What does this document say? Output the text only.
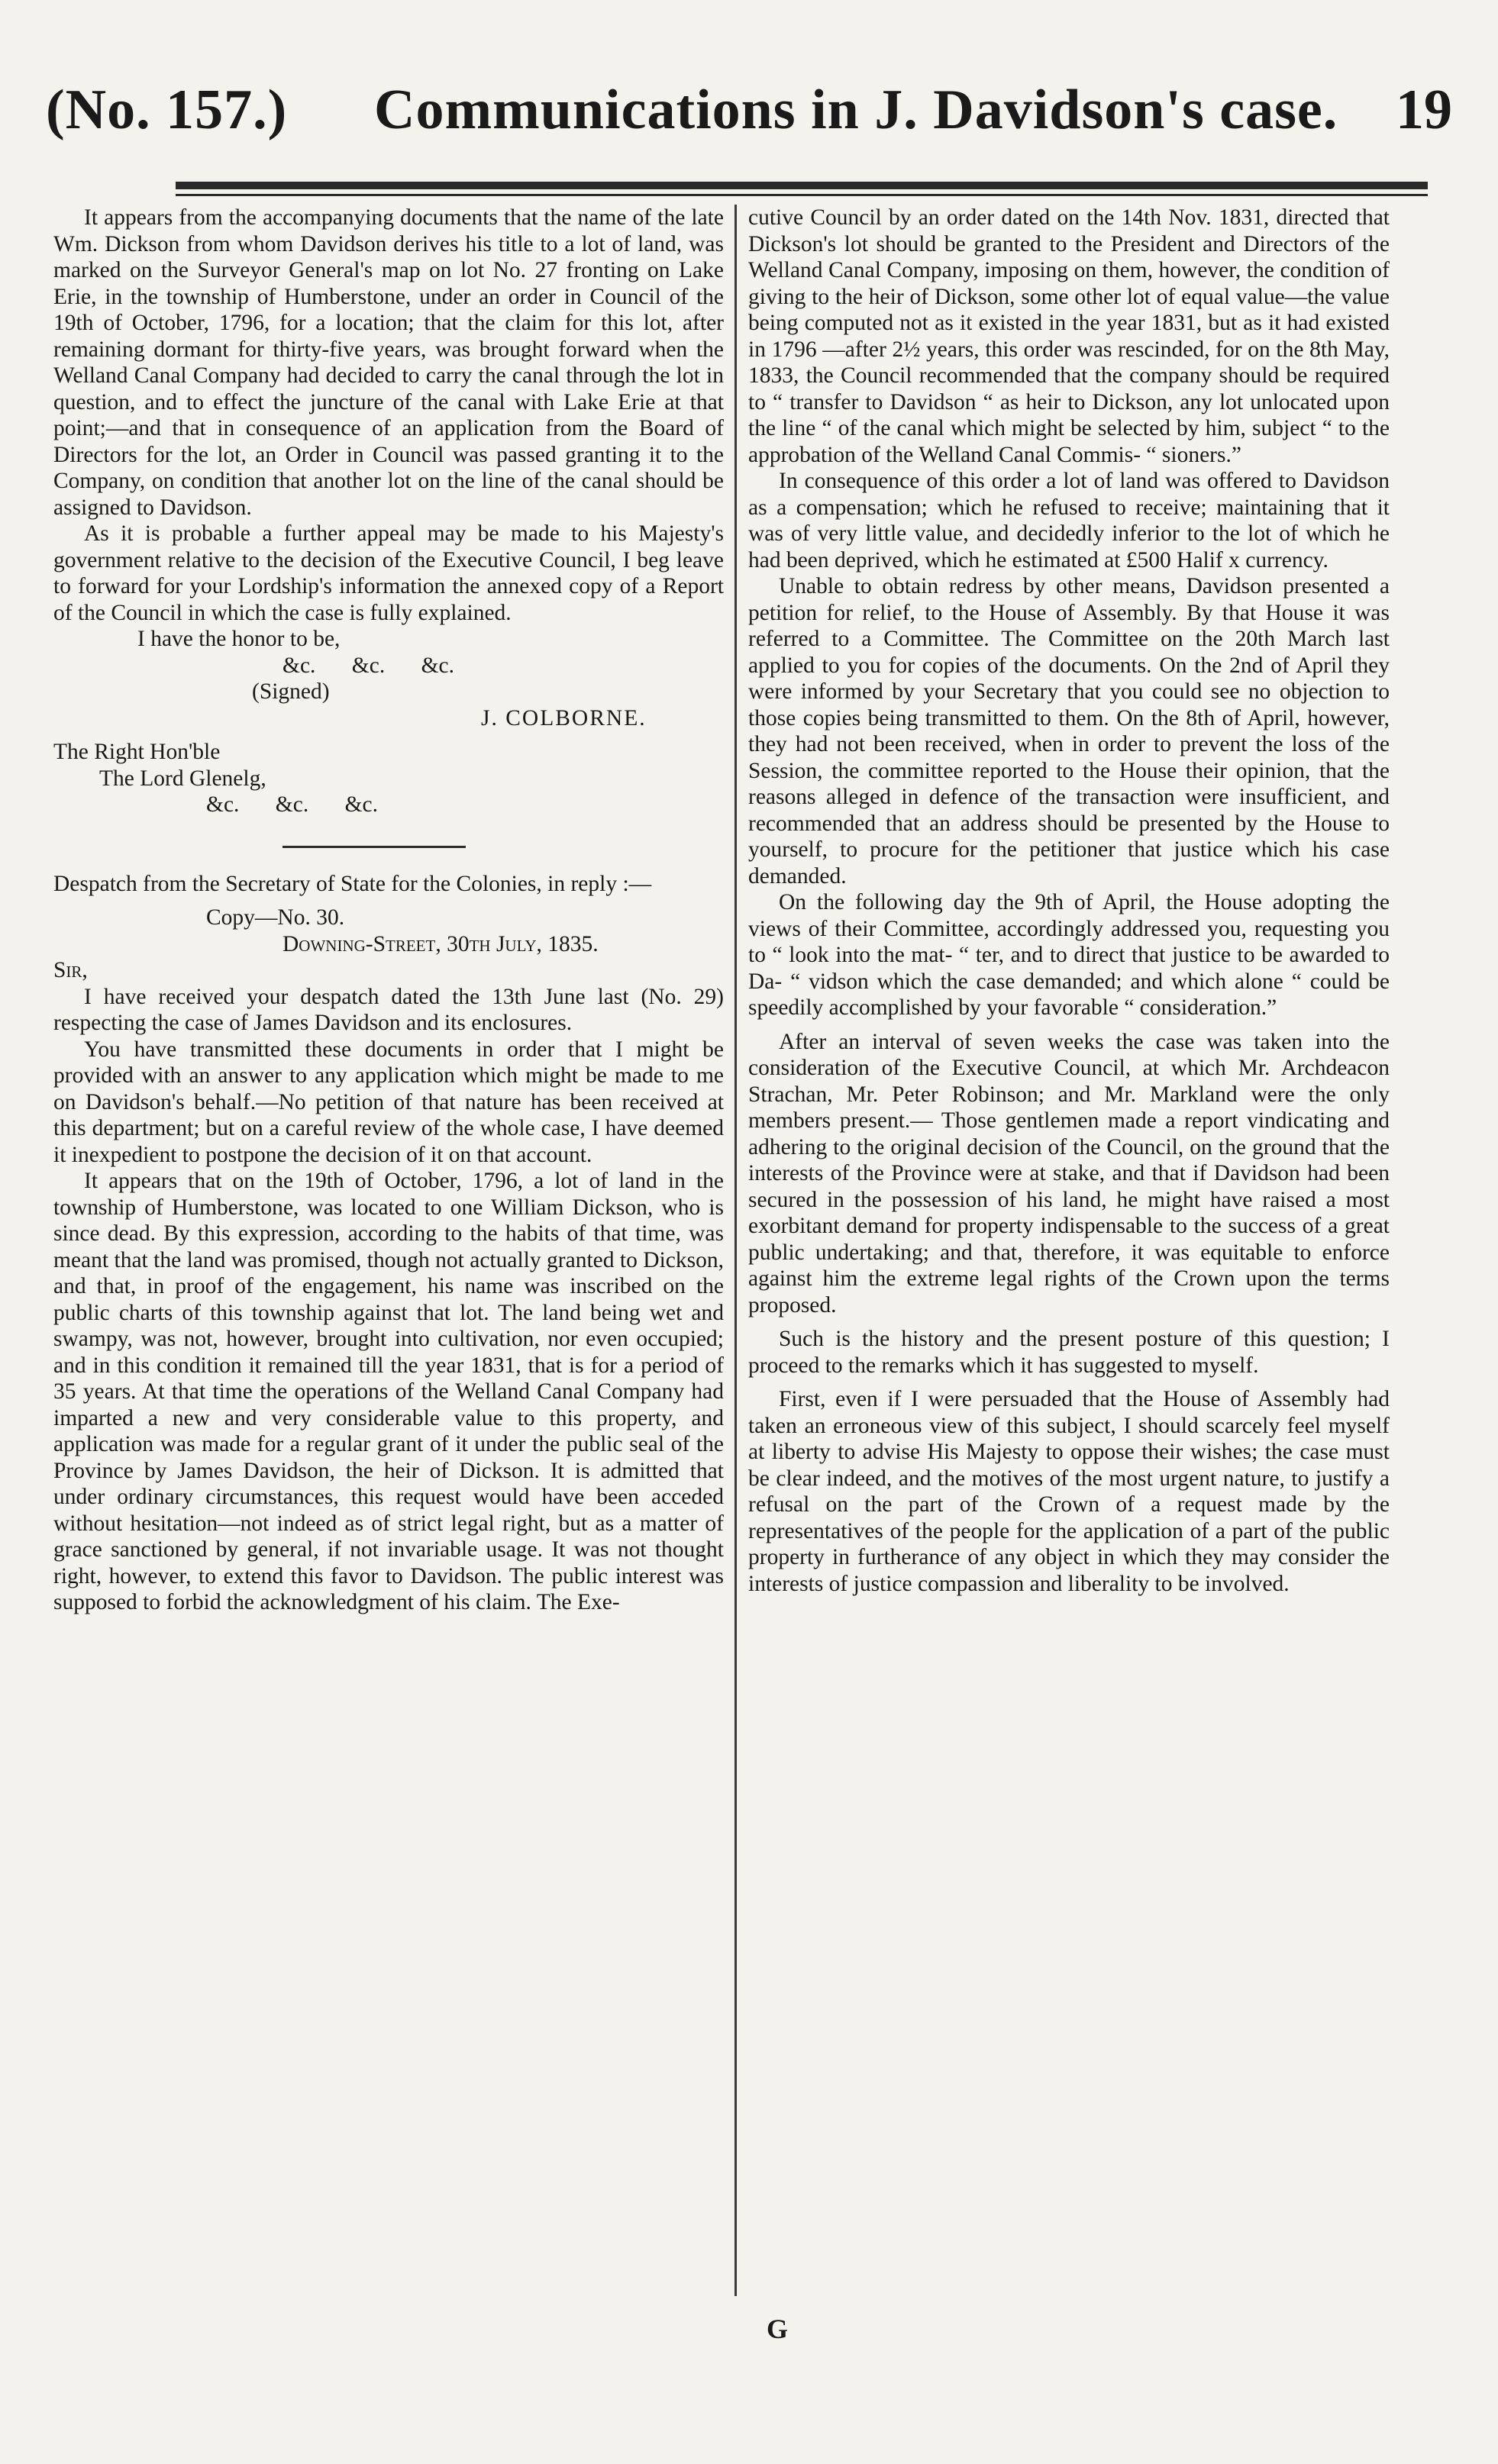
(No. 157.) Communications in J. Davidson's case. 19

It appears from the accompanying documents that the name of the late Wm. Dickson from whom Davidson derives his title to a lot of land, was marked on the Surveyor General's map on lot No. 27 fronting on Lake Erie, in the township of Humberstone, under an order in Council of the 19th of October, 1796, for a location; that the claim for this lot, after remaining dormant for thirty-five years, was brought forward when the Welland Canal Company had decided to carry the canal through the lot in question, and to effect the juncture of the canal with Lake Erie at that point;—and that in consequence of an application from the Board of Directors for the lot, an Order in Council was passed granting it to the Company, on condition that another lot on the line of the canal should be assigned to Davidson.

As it is probable a further appeal may be made to his Majesty's government relative to the decision of the Executive Council, I beg leave to forward for your Lordship's information the annexed copy of a Report of the Council in which the case is fully explained.

I have the honor to be,

&c. &c. &c.

(Signed)

J. COLBORNE.

The Right Hon'ble

The Lord Glenelg,

&c. &c. &c.

Despatch from the Secretary of State for the Colonies, in reply :—

Copy—No. 30.

Downing-Street, 30th July, 1835.

Sir,

I have received your despatch dated the 13th June last (No. 29) respecting the case of James Davidson and its enclosures.

You have transmitted these documents in order that I might be provided with an answer to any application which might be made to me on Davidson's behalf.—No petition of that nature has been received at this department; but on a careful review of the whole case, I have deemed it inexpedient to postpone the decision of it on that account.

It appears that on the 19th of October, 1796, a lot of land in the township of Humberstone, was located to one William Dickson, who is since dead. By this expression, according to the habits of that time, was meant that the land was promised, though not actually granted to Dickson, and that, in proof of the engagement, his name was inscribed on the public charts of this township against that lot. The land being wet and swampy, was not, however, brought into cultivation, nor even occupied; and in this condition it remained till the year 1831, that is for a period of 35 years. At that time the operations of the Welland Canal Company had imparted a new and very considerable value to this property, and application was made for a regular grant of it under the public seal of the Province by James Davidson, the heir of Dickson. It is admitted that under ordinary circumstances, this request would have been acceded without hesitation—not indeed as of strict legal right, but as a matter of grace sanctioned by general, if not invariable usage. It was not thought right, however, to extend this favor to Davidson. The public interest was supposed to forbid the acknowledgment of his claim. The Exe-

cutive Council by an order dated on the 14th Nov. 1831, directed that Dickson's lot should be granted to the President and Directors of the Welland Canal Company, imposing on them, however, the condition of giving to the heir of Dickson, some other lot of equal value—the value being computed not as it existed in the year 1831, but as it had existed in 1796 —after 2½ years, this order was rescinded, for on the 8th May, 1833, the Council recommended that the company should be required to “ transfer to Davidson “ as heir to Dickson, any lot unlocated upon the line “ of the canal which might be selected by him, subject “ to the approbation of the Welland Canal Commis- “ sioners.”

In consequence of this order a lot of land was offered to Davidson as a compensation; which he refused to receive; maintaining that it was of very little value, and decidedly inferior to the lot of which he had been deprived, which he estimated at £500 Halif x currency.

Unable to obtain redress by other means, Davidson presented a petition for relief, to the House of Assembly. By that House it was referred to a Committee. The Committee on the 20th March last applied to you for copies of the documents. On the 2nd of April they were informed by your Secretary that you could see no objection to those copies being transmitted to them. On the 8th of April, however, they had not been received, when in order to prevent the loss of the Session, the committee reported to the House their opinion, that the reasons alleged in defence of the transaction were insufficient, and recommended that an address should be presented by the House to yourself, to procure for the petitioner that justice which his case demanded.

On the following day the 9th of April, the House adopting the views of their Committee, accordingly addressed you, requesting you to “ look into the mat- “ ter, and to direct that justice to be awarded to Da- “ vidson which the case demanded; and which alone “ could be speedily accomplished by your favorable “ consideration.”

After an interval of seven weeks the case was taken into the consideration of the Executive Council, at which Mr. Archdeacon Strachan, Mr. Peter Robinson; and Mr. Markland were the only members present.— Those gentlemen made a report vindicating and adhering to the original decision of the Council, on the ground that the interests of the Province were at stake, and that if Davidson had been secured in the possession of his land, he might have raised a most exorbitant demand for property indispensable to the success of a great public undertaking; and that, therefore, it was equitable to enforce against him the extreme legal rights of the Crown upon the terms proposed.

Such is the history and the present posture of this question; I proceed to the remarks which it has suggested to myself.

First, even if I were persuaded that the House of Assembly had taken an erroneous view of this subject, I should scarcely feel myself at liberty to advise His Majesty to oppose their wishes; the case must be clear indeed, and the motives of the most urgent nature, to justify a refusal on the part of the Crown of a request made by the representatives of the people for the application of a part of the public property in furtherance of any object in which they may consider the interests of justice compassion and liberality to be involved.

G
